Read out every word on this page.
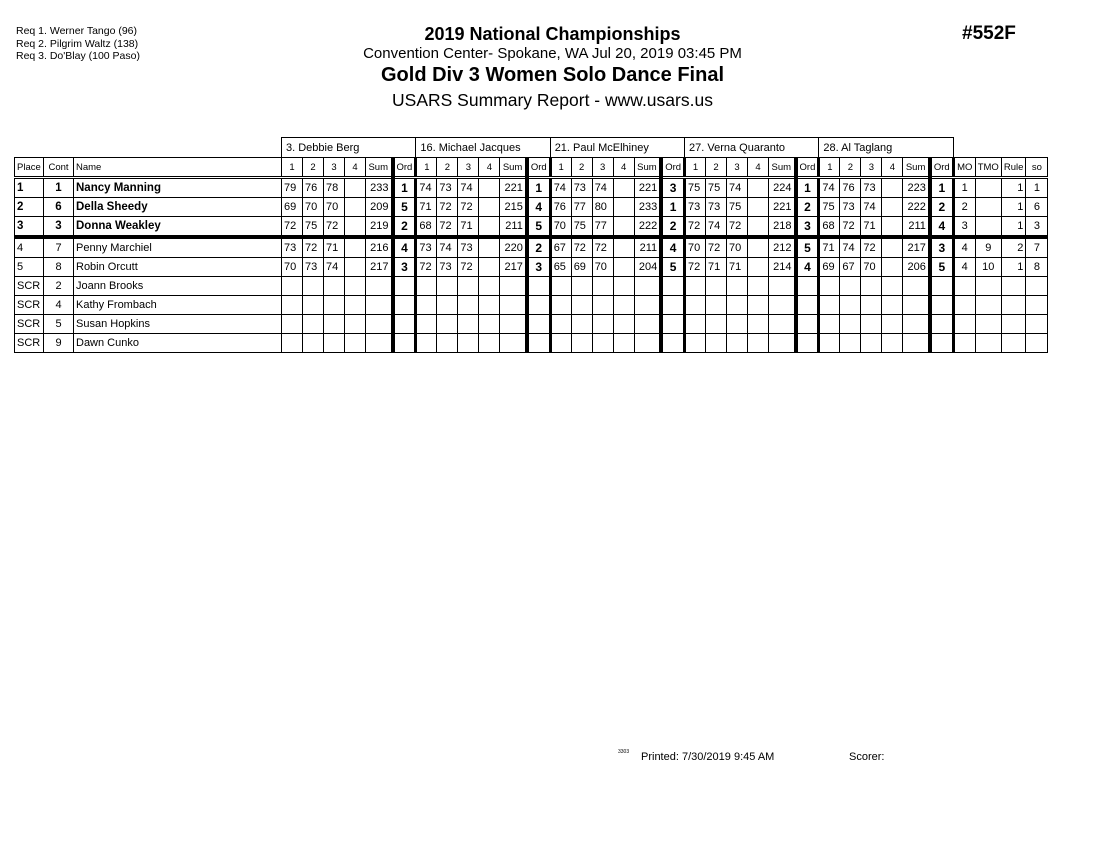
Req 1. Werner Tango (96)
Req 2. Pilgrim Waltz (138)
Req 3. Do'Blay (100 Paso)
2019 National Championships
Convention Center- Spokane, WA Jul 20, 2019 03:45 PM
Gold Div 3 Women Solo Dance Final
USARS Summary Report - www.usars.us
#552F
			3. Debbie Berg						16. Michael Jacques						21. Paul McElhiney						27. Verna Quaranto						28. Al Taglang									
Place	Cont	Name	1	2	3	4	Sum	Ord	1	2	3	4	Sum	Ord	1	2	3	4	Sum	Ord	1	2	3	4	Sum	Ord	1	2	3	4	Sum	Ord	MO	TMO	Rule	so
1	1	Nancy Manning	79	76	78		233	1	74	73	74		221	1	74	73	74		221	3	75	75	74		224	1	74	76	73		223	1	1		1	1
2	6	Della Sheedy	69	70	70		209	5	71	72	72		215	4	76	77	80		233	1	73	73	75		221	2	75	73	74		222	2	2		1	6
3	3	Donna Weakley	72	75	72		219	2	68	72	71		211	5	70	75	77		222	2	72	74	72		218	3	68	72	71		211	4	3		1	3
4	7	Penny Marchiel	73	72	71		216	4	73	74	73		220	2	67	72	72		211	4	70	72	70		212	5	71	74	72		217	3	4	9	2	7
5	8	Robin Orcutt	70	73	74		217	3	72	73	72		217	3	65	69	70		204	5	72	71	71		214	4	69	67	70		206	5	4	10	1	8
SCR	2	Joann Brooks																																		
SCR	4	Kathy Frombach																																		
SCR	5	Susan Hopkins																																		
SCR	9	Dawn Cunko																																		
3303 Printed: 7/30/2019 9:45 AM	Scorer:
